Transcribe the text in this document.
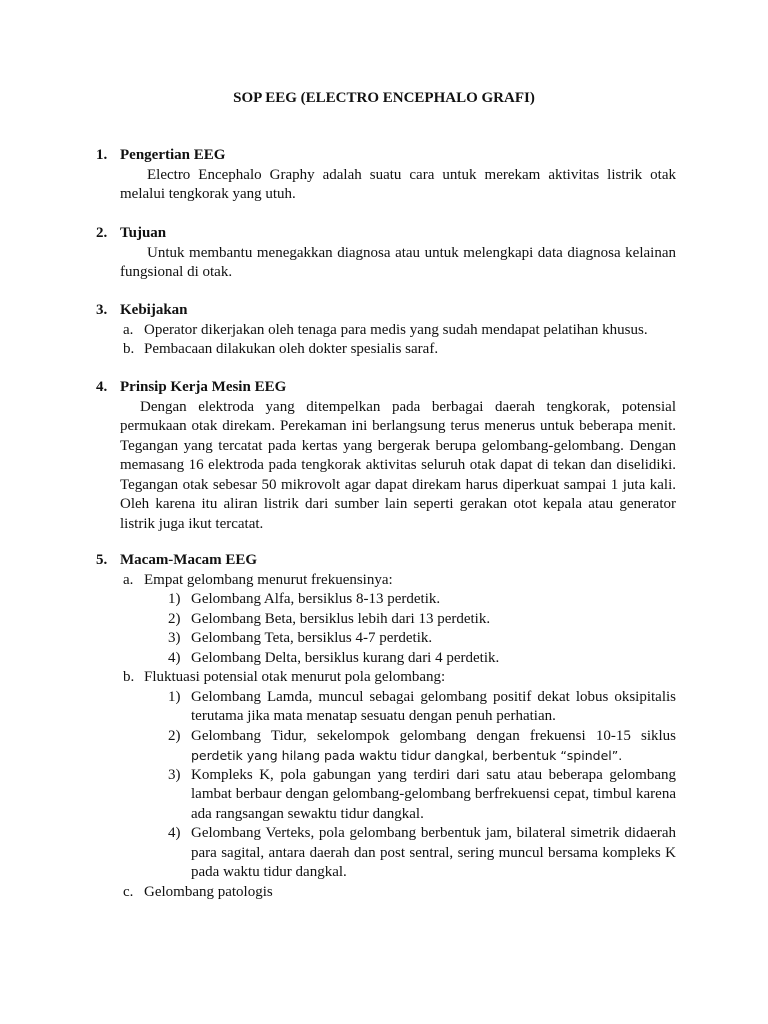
SOP EEG (ELECTRO ENCEPHALO GRAFI)
1. Pengertian EEG
Electro Encephalo Graphy adalah suatu cara untuk merekam aktivitas listrik otak melalui tengkorak yang utuh.
2. Tujuan
Untuk membantu menegakkan diagnosa atau untuk melengkapi data diagnosa kelainan fungsional di otak.
3. Kebijakan
a. Operator dikerjakan oleh tenaga para medis yang sudah mendapat pelatihan khusus.
b. Pembacaan dilakukan oleh dokter spesialis saraf.
4. Prinsip Kerja Mesin EEG
Dengan elektroda yang ditempelkan pada berbagai daerah tengkorak, potensial permukaan otak direkam. Perekaman ini berlangsung terus menerus untuk beberapa menit. Tegangan yang tercatat pada kertas yang bergerak berupa gelombang-gelombang. Dengan memasang 16 elektroda pada tengkorak aktivitas seluruh otak dapat di tekan dan diselidiki. Tegangan otak sebesar 50 mikrovolt agar dapat direkam harus diperkuat sampai 1 juta kali. Oleh karena itu aliran listrik dari sumber lain seperti gerakan otot kepala atau generator listrik juga ikut tercatat.
5. Macam-Macam EEG
a. Empat gelombang menurut frekuensinya:
1) Gelombang Alfa, bersiklus 8-13 perdetik.
2) Gelombang Beta, bersiklus lebih dari 13 perdetik.
3) Gelombang Teta, bersiklus 4-7 perdetik.
4) Gelombang Delta, bersiklus kurang dari 4 perdetik.
b. Fluktuasi potensial otak menurut pola gelombang:
1) Gelombang Lamda, muncul sebagai gelombang positif dekat lobus oksipitalis terutama jika mata menatap sesuatu dengan penuh perhatian.
2) Gelombang Tidur, sekelompok gelombang dengan frekuensi 10-15 siklus
perdetik yang hilang pada waktu tidur dangkal, berbentuk “spindel”.
3) Kompleks K, pola gabungan yang terdiri dari satu atau beberapa gelombang lambat berbaur dengan gelombang-gelombang berfrekuensi cepat, timbul karena ada rangsangan sewaktu tidur dangkal.
4) Gelombang Verteks, pola gelombang berbentuk jam, bilateral simetrik didaerah para sagital, antara daerah dan post sentral, sering muncul bersama kompleks K pada waktu tidur dangkal.
c. Gelombang patologis
